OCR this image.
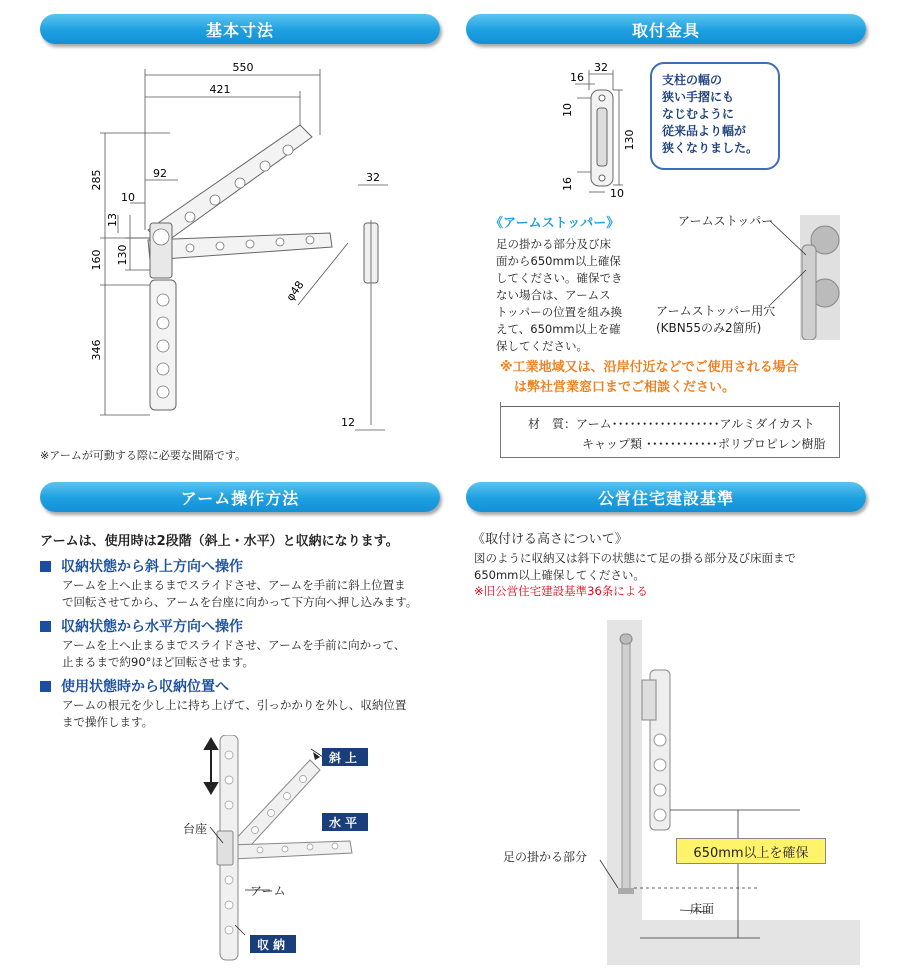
基本寸法	取付金具
アーム操作方法	公営住宅建設基準
550
421
285	92
10
13
160 130
346
φ48
32
12
※アームが可動する際に必要な間隔です。
32
16
10
130
16
10
支柱の幅の
狭い手摺にも
なじむように
従来品より幅が
狭くなりました。
《アームストッパー》
足の掛かる部分及び床
面から650mm以上確保
してください。確保でき
ない場合は、アームス
トッパーの位置を組み換
えて、650mm以上を確
保してください。
アームストッパー
アームストッパー用穴
(KBN55のみ2箇所)
※工業地域又は、沿岸付近などでご使用される場合
は弊社営業窓口までご相談ください。
材　質：アーム･･････････････････アルミダイカスト
キャップ類 ････････････ポリプロピレン樹脂
アームは、使用時は2段階（斜上・水平）と収納になります。
収納状態から斜上方向へ操作
アームを上へ止まるまでスライドさせ、アームを手前に斜上位置ま
で回転させてから、アームを台座に向かって下方向へ押し込みます。
収納状態から水平方向へ操作
アームを上へ止まるまでスライドさせ、アームを手前に向かって、
止まるまで約90°ほど回転させます。
使用状態時から収納位置へ
アームの根元を少し上に持ち上げて、引っかかりを外し、収納位置
まで操作します。
斜上
水平
収納
台座
アーム
《取付ける高さについて》
図のように収納又は斜下の状態にて足の掛る部分及び床面まで
650mm以上確保してください。
※旧公営住宅建設基準36条による
650mm以上を確保
足の掛かる部分
床面
